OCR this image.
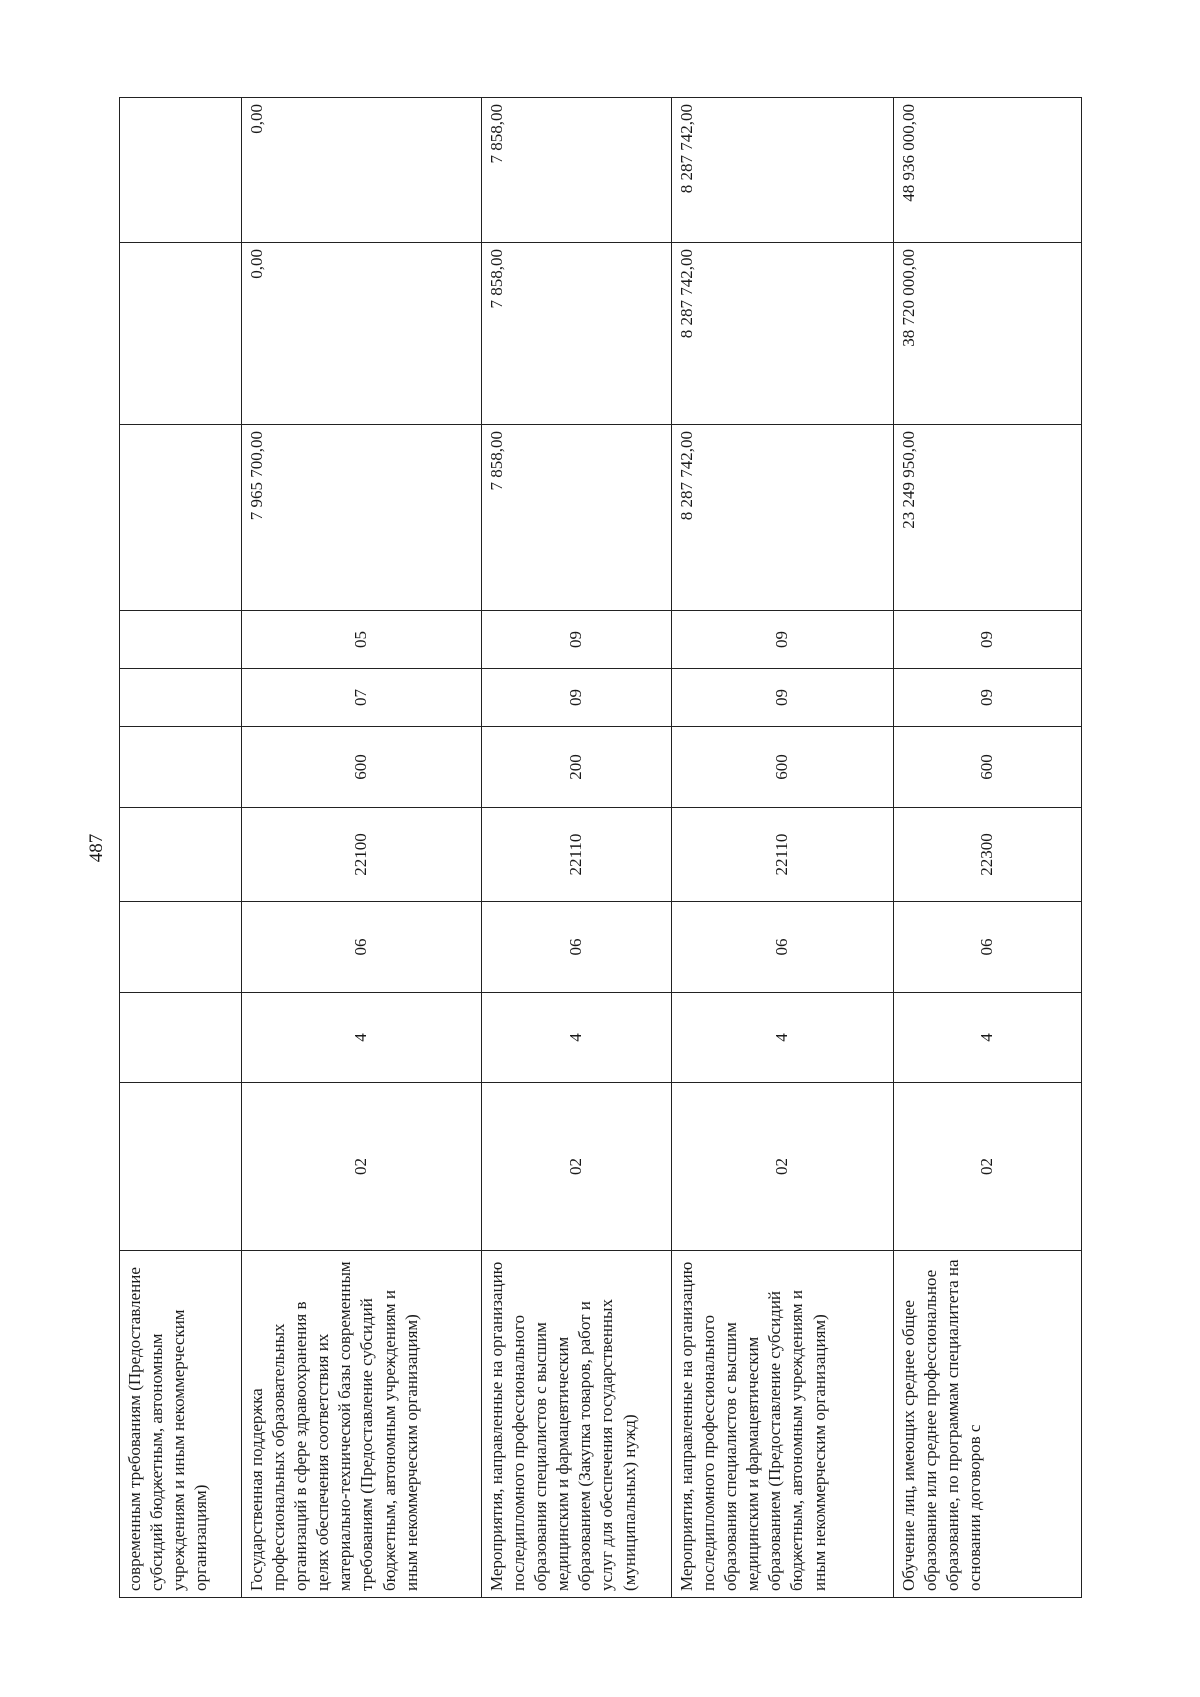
487
современным требованиям (Предоставление субсидий бюджетным, автономным учреждениям и иным некоммерческим организациям)										
Государственная поддержка профессиональных образовательных организаций в сфере здравоохранения в целях обеспечения соответствия их материально-технической базы современным требованиям (Предоставление субсидий бюджетным, автономным учреждениям и иным некоммерческим организациям)	02	4	06	22100	600	07	05	7 965 700,00	0,00	0,00
Мероприятия, направленные на организацию последипломного профессионального образования специалистов с высшим медицинским и фармацевтическим образованием (Закупка товаров, работ и услуг для обеспечения государственных (муниципальных) нужд)	02	4	06	22110	200	09	09	7 858,00	7 858,00	7 858,00
Мероприятия, направленные на организацию последипломного профессионального образования специалистов с высшим медицинским и фармацевтическим образованием (Предоставление субсидий бюджетным, автономным учреждениям и иным некоммерческим организациям)	02	4	06	22110	600	09	09	8 287 742,00	8 287 742,00	8 287 742,00
Обучение лиц, имеющих среднее общее образование или среднее профессиональное образование, по программам специалитета на основании договоров с	02	4	06	22300	600	09	09	23 249 950,00	38 720 000,00	48 936 000,00
